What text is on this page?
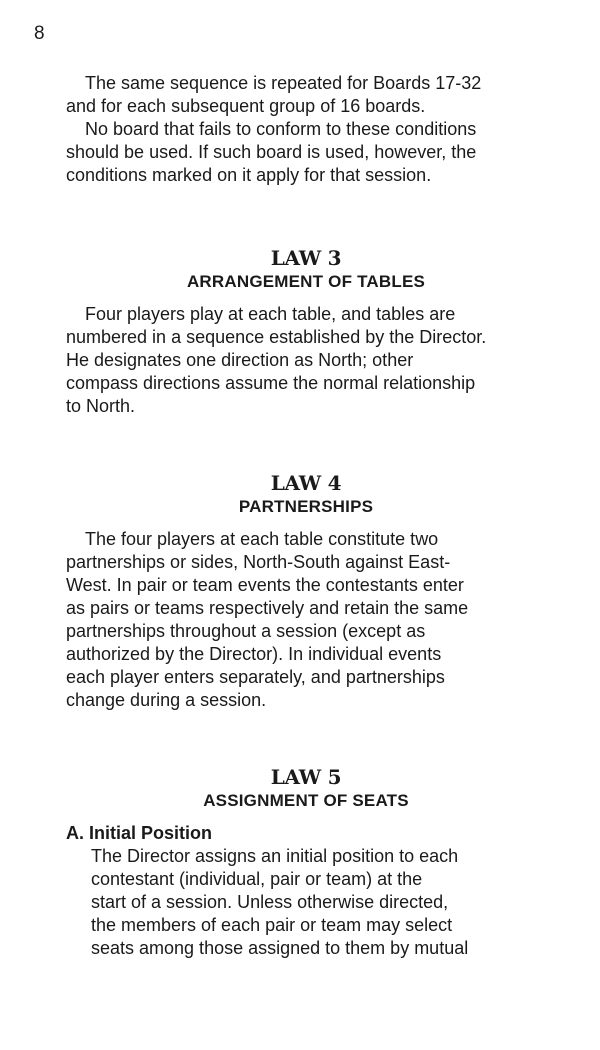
8

The same sequence is repeated for Boards 17-32
and for each subsequent group of 16 boards.

No board that fails to conform to these conditions
should be used. If such board is used, however, the
conditions marked on it apply for that session.

LAW 3
ARRANGEMENT OF TABLES

Four players play at each table, and tables are
numbered in a sequence established by the Director.
He designates one direction as North; other
compass directions assume the normal relationship
to North.

LAW 4
PARTNERSHIPS

The four players at each table constitute two
partnerships or sides, North-South against East-
West. In pair or team events the contestants enter
as pairs or teams respectively and retain the same
partnerships throughout a session (except as
authorized by the Director). In individual events
each player enters separately, and partnerships
change during a session.

LAW 5
ASSIGNMENT OF SEATS
A. Initial Position

The Director assigns an initial position to each
contestant (individual, pair or team) at the
start of a session. Unless otherwise directed,
the members of each pair or team may select
seats among those assigned to them by mutual
